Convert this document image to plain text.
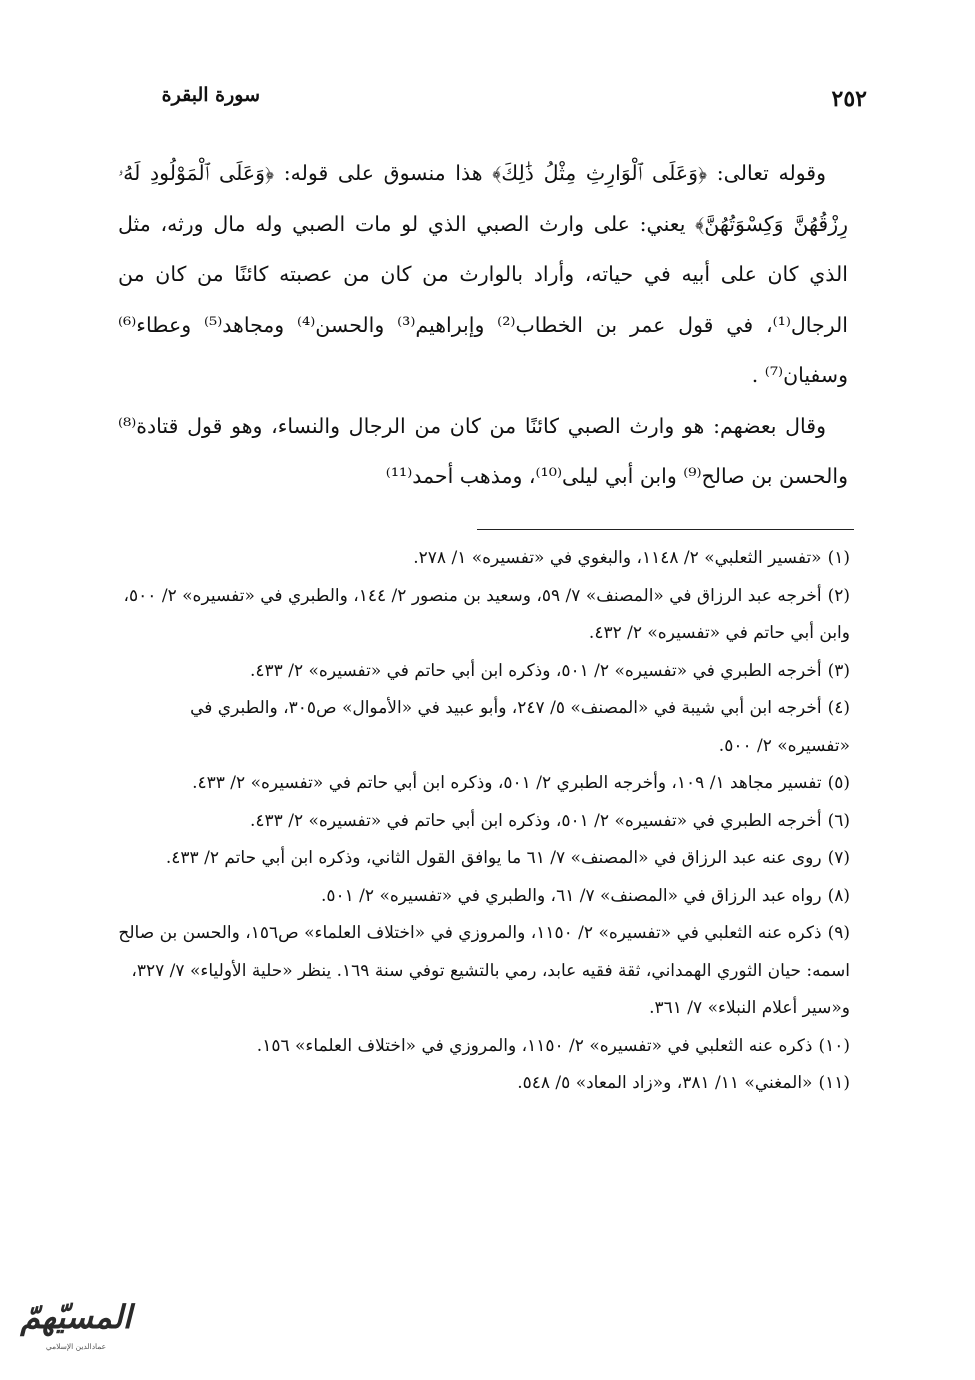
سورة البقرة	٢٥٢

وقوله تعالى: ﴿وَعَلَى ٱلْوَارِثِ مِثْلُ ذَٰلِكَ﴾ هذا منسوق على قوله: ﴿وَعَلَى ٱلْمَوْلُودِ لَهُۥ رِزْقُهُنَّ وَكِسْوَتُهُنَّ﴾ يعني: على وارث الصبي الذي لو مات الصبي وله مال ورثه، مثل الذي كان على أبيه في حياته، وأراد بالوارث من كان من عصبته كائنًا من كان من الرجال⁽¹⁾، في قول عمر بن الخطاب⁽²⁾ وإبراهيم⁽³⁾ والحسن⁽⁴⁾ ومجاهد⁽⁵⁾ وعطاء⁽⁶⁾ وسفيان⁽⁷⁾ .

وقال بعضهم: هو وارث الصبي كائنًا من كان من الرجال والنساء، وهو قول قتادة⁽⁸⁾ والحسن بن صالح⁽⁹⁾ وابن أبي ليلى⁽¹⁰⁾، ومذهب أحمد⁽¹¹⁾

(١)«تفسير الثعلبي» ٢/ ١١٤٨، والبغوي في «تفسيره» ١/ ٢٧٨.

(٢)أخرجه عبد الرزاق في «المصنف» ٧/ ٥٩، وسعيد بن منصور ٢/ ١٤٤، والطبري في «تفسيره» ٢/ ٥٠٠، وابن أبي حاتم في «تفسيره» ٢/ ٤٣٢.

(٣)أخرجه الطبري في «تفسيره» ٢/ ٥٠١، وذكره ابن أبي حاتم في «تفسيره» ٢/ ٤٣٣.

(٤)أخرجه ابن أبي شيبة في «المصنف» ٥/ ٢٤٧، وأبو عبيد في «الأموال» ص٣٠٥، والطبري في «تفسيره» ٢/ ٥٠٠.

(٥)تفسير مجاهد ١/ ١٠٩، وأخرجه الطبري ٢/ ٥٠١، وذكره ابن أبي حاتم في «تفسيره» ٢/ ٤٣٣.

(٦)أخرجه الطبري في «تفسيره» ٢/ ٥٠١، وذكره ابن أبي حاتم في «تفسيره» ٢/ ٤٣٣.

(٧)روى عنه عبد الرزاق في «المصنف» ٧/ ٦١ ما يوافق القول الثاني، وذكره ابن أبي حاتم ٢/ ٤٣٣.

(٨)رواه عبد الرزاق في «المصنف» ٧/ ٦١، والطبري في «تفسيره» ٢/ ٥٠١.

(٩)ذكره عنه الثعلبي في «تفسيره» ٢/ ١١٥٠، والمروزي في «اختلاف العلماء» ص١٥٦، والحسن بن صالح اسمه: حيان الثوري الهمداني، ثقة فقيه عابد، رمي بالتشيع توفي سنة ١٦٩. ينظر «حلية الأولياء» ٧/ ٣٢٧، و«سير أعلام النبلاء» ٧/ ٣٦١.

(١٠)ذكره عنه الثعلبي في «تفسيره» ٢/ ١١٥٠، والمروزي في «اختلاف العلماء» ١٥٦.

(١١)«المغني» ١١/ ٣٨١، و«زاد المعاد» ٥/ ٥٤٨.

المسيّهمّ
عمادالدين الإسلامي
